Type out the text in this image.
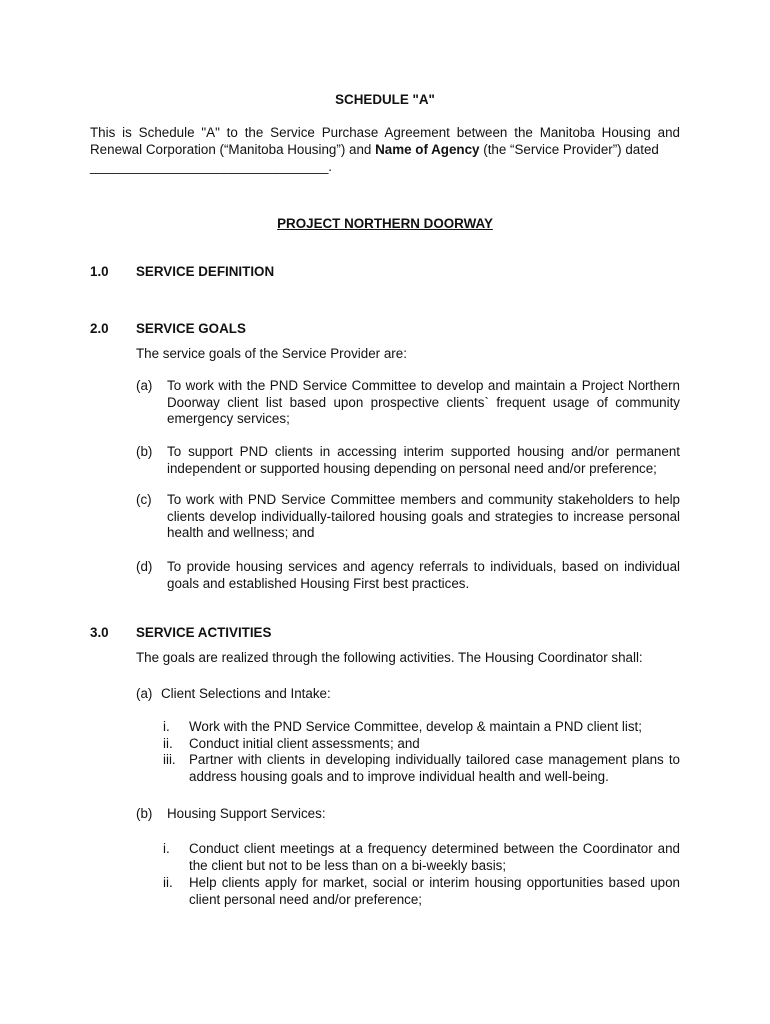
SCHEDULE "A"
This is Schedule "A" to the Service Purchase Agreement between the Manitoba Housing and Renewal Corporation (“Manitoba Housing”) and Name of Agency (the “Service Provider”) dated
________________________________.
PROJECT NORTHERN DOORWAY
1.0	SERVICE DEFINITION
2.0	SERVICE GOALS
The service goals of the Service Provider are:
(a)	To work with the PND Service Committee to develop and maintain a Project Northern Doorway client list based upon prospective clients` frequent usage of community emergency services;
(b)	To support PND clients in accessing interim supported housing and/or permanent independent or supported housing depending on personal need and/or preference;
(c)	To work with PND Service Committee members and community stakeholders to help clients develop individually-tailored housing goals and strategies to increase personal health and wellness; and
(d)	To provide housing services and agency referrals to individuals, based on individual goals and established Housing First best practices.
3.0	SERVICE ACTIVITIES
The goals are realized through the following activities. The Housing Coordinator shall:
(a) Client Selections and Intake:
i.	Work with the PND Service Committee, develop & maintain a PND client list;
ii.	Conduct initial client assessments; and
iii. Partner with clients in developing individually tailored case management plans to address housing goals and to improve individual health and well-being.
(b) Housing Support Services:
i.	Conduct client meetings at a frequency determined between the Coordinator and the client but not to be less than on a bi-weekly basis;
ii.	Help clients apply for market, social or interim housing opportunities based upon client personal need and/or preference;
